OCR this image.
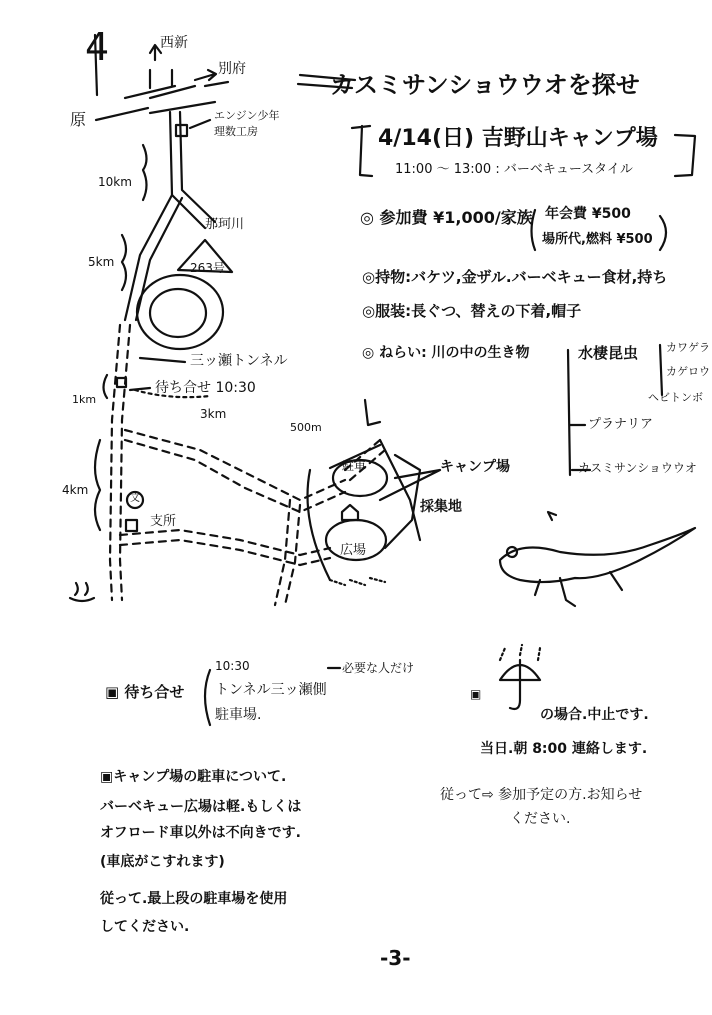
4
カスミサンショウウオを探せ
4/14(日) 吉野山キャンプ場
11:00 〜 13:00 : バーベキュースタイル
◎ 参加費 ¥1,000/家族 年会費 ¥500
場所代,燃料 ¥500
◎持物:バケツ,金ザル.バーベキュー食材,持ち
◎服装:長ぐつ、替えの下着,帽子
◎ ねらい: 川の中の生き物	水棲昆虫	カワゲラ
カゲロウ
ヘビトンボ
プラナリア
カスミサンショウウオ
西新
別府
原	エンジン少年
理数工房
10km
那珂川
263号
5km
三ッ瀬トンネル
待ち合せ 10:30
1km
3km
500m
駐車	キャンプ場
採集地
広場
4km
文
支所
▣ 待ち合せ
10:30
トンネル三ッ瀬側
駐車場.
必要な人だけ
▣
の場合.中止です.
当日.朝 8:00 連絡します.
従って⇨ 参加予定の方.お知らせ
ください.
▣キャンプ場の駐車について.
バーベキュー広場は軽.もしくは
オフロード車以外は不向きです.
(車底がこすれます)
従って.最上段の駐車場を使用
してください.
-3-
